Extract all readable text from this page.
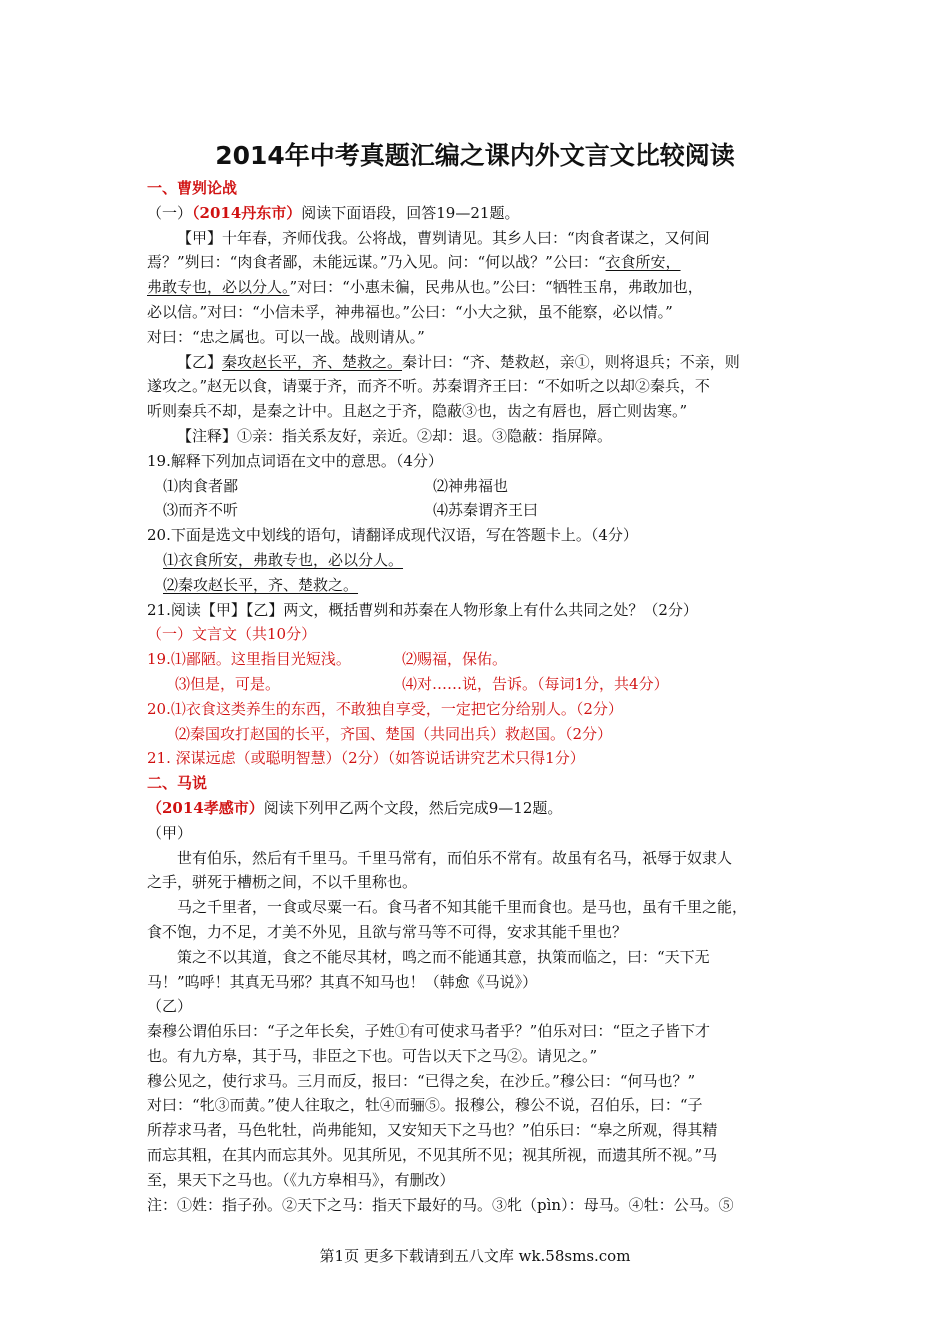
2014年中考真题汇编之课内外文言文比较阅读

一、曹刿论战

（一）（2014丹东市）阅读下面语段，回答19—21题。

【甲】十年春，齐师伐我。公将战，曹刿请见。其乡人曰：“肉食者谋之，又何间

焉？”刿曰：“肉食者鄙，未能远谋。”乃入见。问：“何以战？”公曰：“衣食所安，

弗敢专也，必以分人。”对曰：“小惠未徧，民弗从也。”公曰：“牺牲玉帛，弗敢加也，

必以信。”对曰：“小信未孚，神弗福也。”公曰：“小大之狱，虽不能察，必以情。”

对曰：“忠之属也。可以一战。战则请从。”

【乙】秦攻赵长平，齐、楚救之。秦计曰：“齐、楚救赵，亲①，则将退兵；不亲，则

遂攻之。”赵无以食，请粟于齐，而齐不听。苏秦谓齐王曰：“不如听之以却②秦兵，不

听则秦兵不却，是秦之计中。且赵之于齐，隐蔽③也，齿之有唇也，唇亡则齿寒。”

【注释】①亲：指关系友好，亲近。②却：退。③隐蔽：指屏障。

19.解释下列加点词语在文中的意思。（4分）

⑴肉食者鄙	⑵神弗福也

⑶而齐不听	⑷苏秦谓齐王曰

20.下面是选文中划线的语句，请翻译成现代汉语，写在答题卡上。（4分）

⑴衣食所安，弗敢专也，必以分人。

⑵秦攻赵长平，齐、楚救之。

21.阅读【甲】【乙】两文，概括曹刿和苏秦在人物形象上有什么共同之处？（2分）

（一）文言文（共10分）

19.⑴鄙陋。这里指目光短浅。	⑵赐福，保佑。

⑶但是，可是。	⑷对……说，告诉。（每词1分，共4分）

20.⑴衣食这类养生的东西，不敢独自享受，一定把它分给别人。（2分）

⑵秦国攻打赵国的长平，齐国、楚国（共同出兵）救赵国。（2分）

21. 深谋远虑（或聪明智慧）（2分）（如答说话讲究艺术只得1分）

二、马说

（2014孝感市）阅读下列甲乙两个文段，然后完成9—12题。

（甲）

世有伯乐，然后有千里马。千里马常有，而伯乐不常有。故虽有名马，祇辱于奴隶人

之手，骈死于槽枥之间，不以千里称也。

马之千里者，一食或尽粟一石。食马者不知其能千里而食也。是马也，虽有千里之能，

食不饱，力不足，才美不外见，且欲与常马等不可得，安求其能千里也？

策之不以其道，食之不能尽其材，鸣之而不能通其意，执策而临之，曰：“天下无

马！”呜呼！其真无马邪？其真不知马也！（韩愈《马说》）

（乙）

秦穆公谓伯乐曰：“子之年长矣，子姓①有可使求马者乎？”伯乐对曰：“臣之子皆下才

也。有九方皋，其于马，非臣之下也。可告以天下之马②。请见之。”

穆公见之，使行求马。三月而反，报曰：“已得之矣，在沙丘。”穆公曰：“何马也？”

对曰：“牝③而黄。”使人往取之，牡④而骊⑤。报穆公，穆公不说，召伯乐，曰：“子

所荐求马者，马色牝牡，尚弗能知，又安知天下之马也？”伯乐曰：“皋之所观，得其精

而忘其粗，在其内而忘其外。见其所见，不见其所不见；视其所视，而遗其所不视。”马

至，果天下之马也。（《九方皋相马》，有删改）

注：①姓：指子孙。②天下之马：指天下最好的马。③牝（pìn）：母马。④牡：公马。⑤

第1页 更多下载请到五八文库 wk.58sms.com
